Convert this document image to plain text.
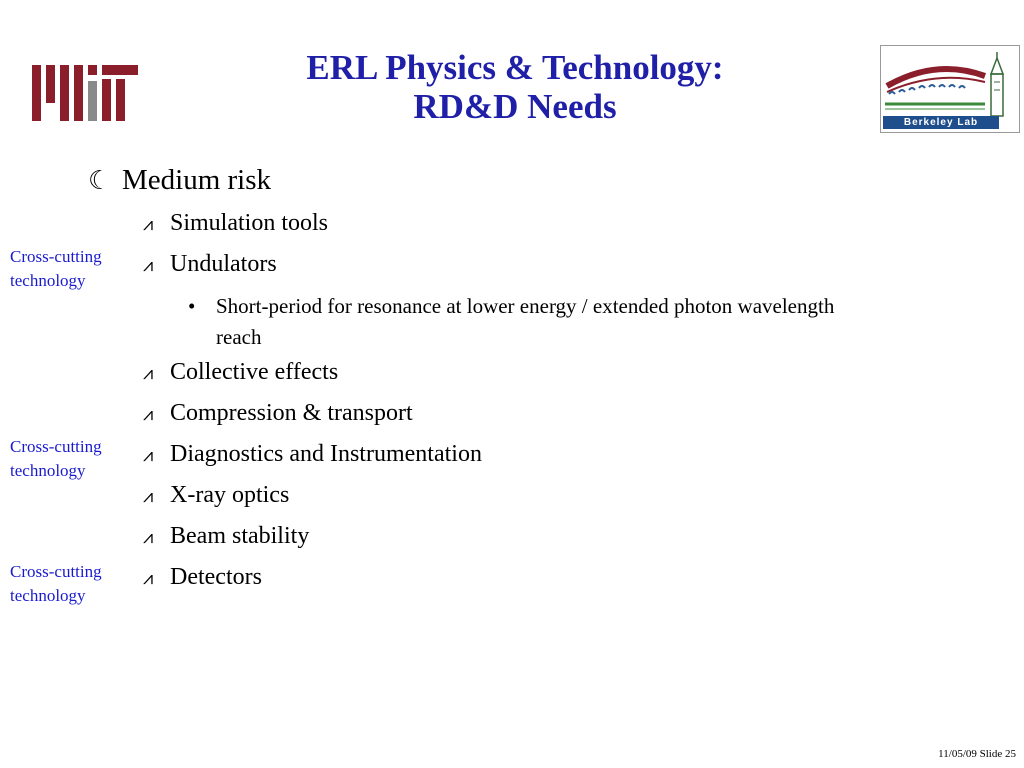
ERL Physics & Technology:
RD&D Needs	Berkeley Lab
☾ Medium risk
⩘ Simulation tools
⩘ Undulators
• Short-period for resonance at lower energy / extended photon wavelength reach
⩘ Collective effects
⩘ Compression & transport
⩘ Diagnostics and Instrumentation
⩘ X-ray optics
⩘ Beam stability
⩘ Detectors
Cross-cutting
technology
Cross-cutting
technology
Cross-cutting
technology
11/05/09 Slide 25
